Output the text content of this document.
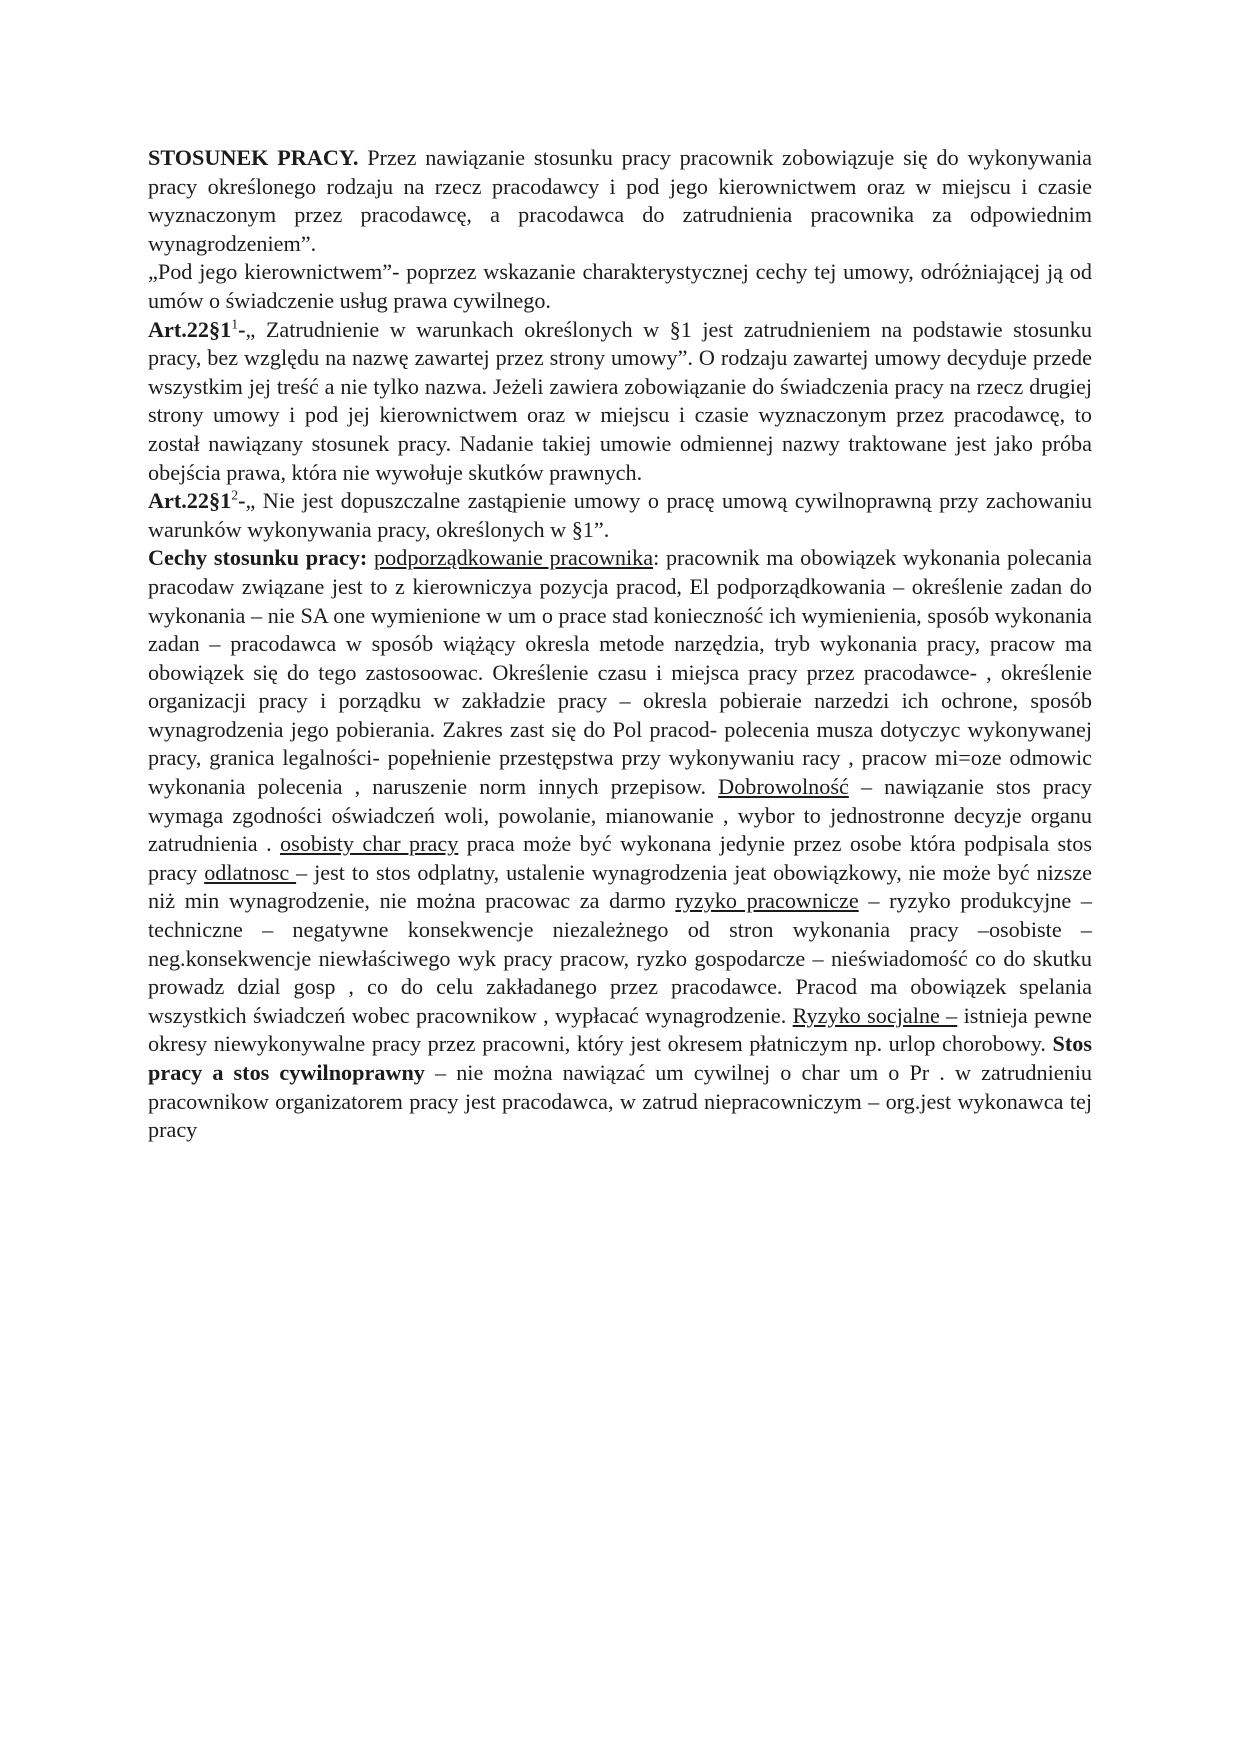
STOSUNEK PRACY. Przez nawiązanie stosunku pracy pracownik zobowiązuje się do wykonywania pracy określonego rodzaju na rzecz pracodawcy i pod jego kierownictwem oraz w miejscu i czasie wyznaczonym przez pracodawcę, a pracodawca do zatrudnienia pracownika za odpowiednim wynagrodzeniem”.

„Pod jego kierownictwem”- poprzez wskazanie charakterystycznej cechy tej umowy, odróżniającej ją od umów o świadczenie usług prawa cywilnego.

$Art.22\S 1^1-„$ Zatrudnienie w warunkach określonych w §1 jest zatrudnieniem na podstawie stosunku pracy, bez względu na nazwę zawartej przez strony umowy”. O rodzaju zawartej umowy decyduje przede wszystkim jej treść a nie tylko nazwa. Jeżeli zawiera zobowiązanie do świadczenia pracy na rzecz drugiej strony umowy i pod jej kierownictwem oraz w miejscu i czasie wyznaczonym przez pracodawcę, to został nawiązany stosunek pracy. Nadanie takiej umowie odmiennej nazwy traktowane jest jako próba obejścia prawa, która nie wywołuje skutków prawnych.

$Art.22\S 1^2-„$ Nie jest dopuszczalne zastąpienie umowy o pracę umową cywilnoprawną przy zachowaniu warunków wykonywania pracy, określonych w §1”.

Cechy stosunku pracy: podporządkowanie pracownika: pracownik ma obowiązek wykonania polecania pracodaw związane jest to z kierowniczya pozycja pracod, El podporządkowania – określenie zadan do wykonania – nie SA one wymienione w um o prace stad konieczność ich wymienienia, sposób wykonania zadan – pracodawca w sposób wiążący okresla metode narzędzia, tryb wykonania pracy, pracow ma obowiązek się do tego zastosoowac. Określenie czasu i miejsca pracy przez pracodawce- , określenie organizacji pracy i porządku w zakładzie pracy – okresla pobieraie narzedzi ich ochrone, sposób wynagrodzenia jego pobierania. Zakres zast się do Pol pracod- polecenia musza dotyczyc wykonywanej pracy, granica legalności- popełnienie przestępstwa przy wykonywaniu racy , pracow mi=oze odmowic wykonania polecenia , naruszenie norm innych przepisow. Dobrowolność – nawiązanie stos pracy wymaga zgodności oświadczeń woli, powolanie, mianowanie , wybor to jednostronne decyzje organu zatrudnienia . osobisty char pracy praca może być wykonana jedynie przez osobe która podpisala stos pracy odlatnosc – jest to stos odplatny, ustalenie wynagrodzenia jeat obowiązkowy, nie może być nizsze niż min wynagrodzenie, nie można pracowac za darmo ryzyko pracownicze – ryzyko produkcyjne – techniczne – negatywne konsekwencje niezależnego od stron wykonania pracy –osobiste – neg.konsekwencje niewłaściwego wyk pracy pracow, ryzko gospodarcze – nieświadomość co do skutku prowadz dzial gosp , co do celu zakładanego przez pracodawce. Pracod ma obowiązek spelania wszystkich świadczeń wobec pracownikow , wypłacać wynagrodzenie. Ryzyko socjalne – istnieja pewne okresy niewykonywalne pracy przez pracowni, który jest okresem płatniczym np. urlop chorobowy. Stos pracy a stos cywilnoprawny – nie można nawiązać um cywilnej o char um o Pr . w zatrudnieniu pracownikow organizatorem pracy jest pracodawca, w zatrud niepracowniczym – org.jest wykonawca tej pracy
